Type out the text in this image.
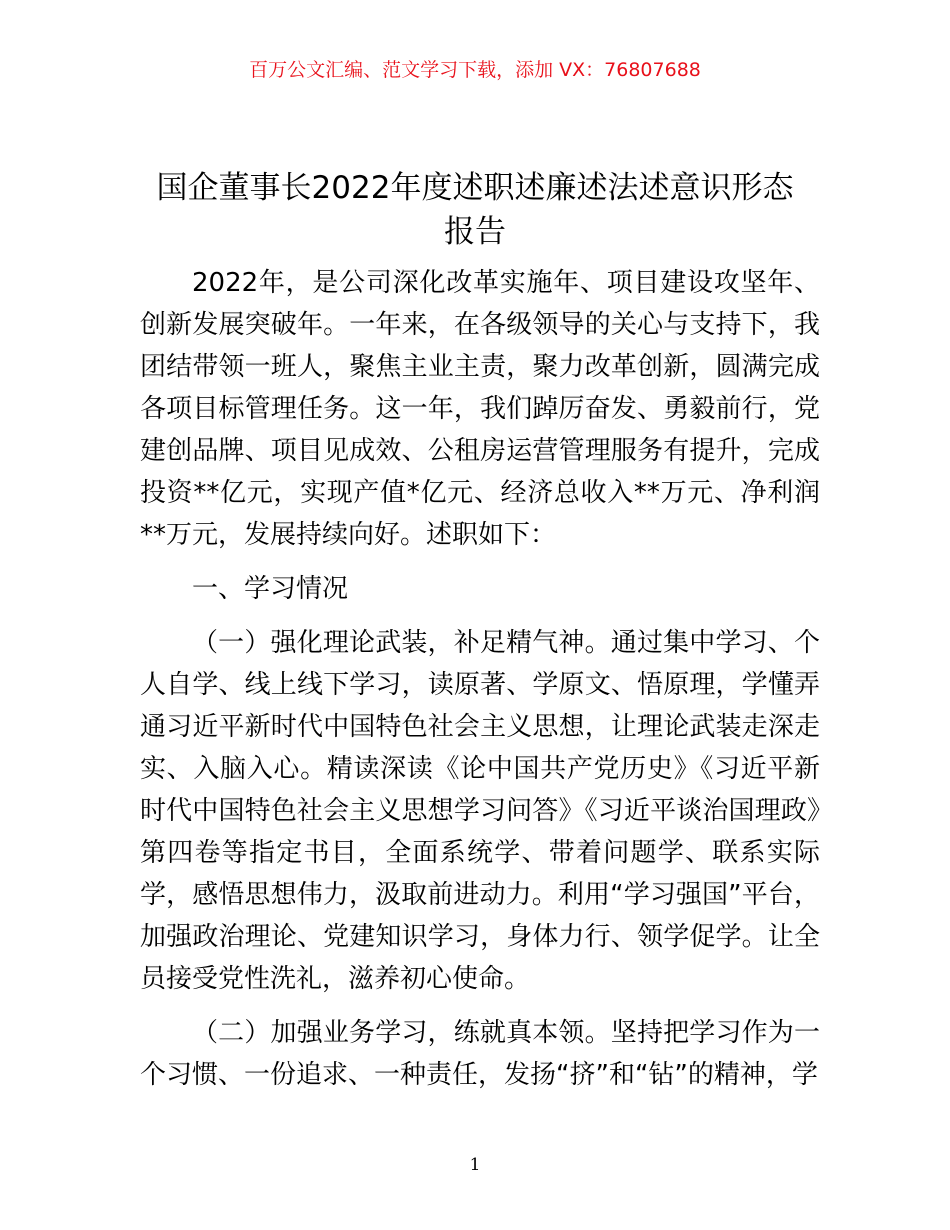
百万公文汇编、范文学习下载，添加 VX：76807688
国企董事长2022年度述职述廉述法述意识形态
报告

2022年，是公司深化改革实施年、项目建设攻坚年、创新发展突破年。一年来，在各级领导的关心与支持下，我团结带领一班人，聚焦主业主责，聚力改革创新，圆满完成各项目标管理任务。这一年，我们踔厉奋发、勇毅前行，党建创品牌、项目见成效、公租房运营管理服务有提升，完成投资**亿元，实现产值*亿元、经济总收入**万元、净利润**万元，发展持续向好。述职如下：

一、学习情况

（一）强化理论武装，补足精气神。通过集中学习、个人自学、线上线下学习，读原著、学原文、悟原理，学懂弄通习近平新时代中国特色社会主义思想，让理论武装走深走实、入脑入心。精读深读《论中国共产党历史》《习近平新时代中国特色社会主义思想学习问答》《习近平谈治国理政》第四卷等指定书目，全面系统学、带着问题学、联系实际学，感悟思想伟力，汲取前进动力。利用“学习强国”平台，加强政治理论、党建知识学习，身体力行、领学促学。让全员接受党性洗礼，滋养初心使命。

（二）加强业务学习，练就真本领。坚持把学习作为一个习惯、一份追求、一种责任，发扬“挤”和“钻”的精神，学

1
